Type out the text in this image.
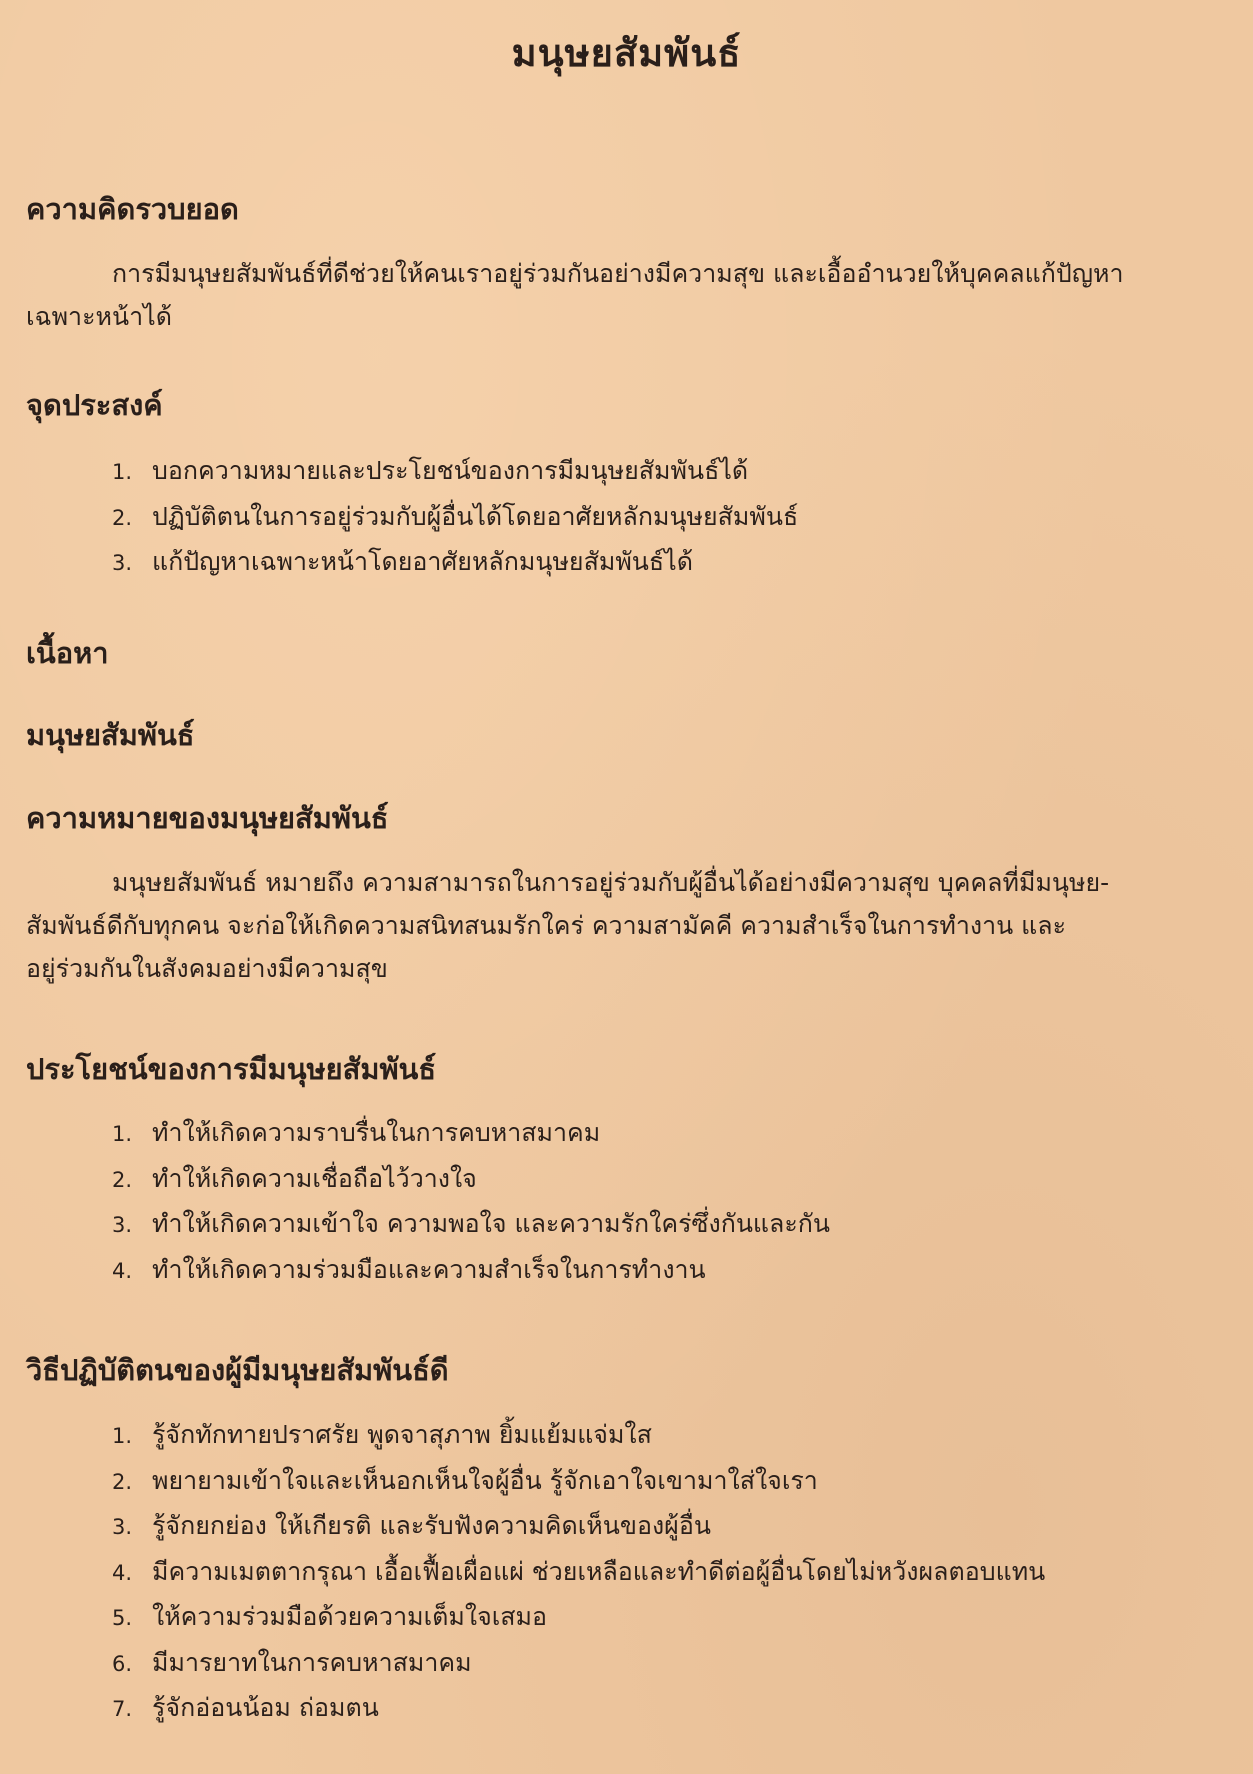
มนุษยสัมพันธ์
ความคิดรวบยอด

การมีมนุษยสัมพันธ์ที่ดีช่วยให้คนเราอยู่ร่วมกันอย่างมีความสุข และเอื้ออำนวยให้บุคคลแก้ปัญหา
เฉพาะหน้าได้

จุดประสงค์
1. บอกความหมายและประโยชน์ของการมีมนุษยสัมพันธ์ได้
2. ปฏิบัติตนในการอยู่ร่วมกับผู้อื่นได้โดยอาศัยหลักมนุษยสัมพันธ์
3. แก้ปัญหาเฉพาะหน้าโดยอาศัยหลักมนุษยสัมพันธ์ได้
เนื้อหา
มนุษยสัมพันธ์
ความหมายของมนุษยสัมพันธ์

มนุษยสัมพันธ์ หมายถึง ความสามารถในการอยู่ร่วมกับผู้อื่นได้อย่างมีความสุข บุคคลที่มีมนุษย-
สัมพันธ์ดีกับทุกคน จะก่อให้เกิดความสนิทสนมรักใคร่ ความสามัคคี ความสำเร็จในการทำงาน และ
อยู่ร่วมกันในสังคมอย่างมีความสุข

ประโยชน์ของการมีมนุษยสัมพันธ์
1. ทำให้เกิดความราบรื่นในการคบหาสมาคม
2. ทำให้เกิดความเชื่อถือไว้วางใจ
3. ทำให้เกิดความเข้าใจ ความพอใจ และความรักใคร่ซึ่งกันและกัน
4. ทำให้เกิดความร่วมมือและความสำเร็จในการทำงาน
วิธีปฏิบัติตนของผู้มีมนุษยสัมพันธ์ดี
1. รู้จักทักทายปราศรัย พูดจาสุภาพ ยิ้มแย้มแจ่มใส
2. พยายามเข้าใจและเห็นอกเห็นใจผู้อื่น รู้จักเอาใจเขามาใส่ใจเรา
3. รู้จักยกย่อง ให้เกียรติ และรับฟังความคิดเห็นของผู้อื่น
4. มีความเมตตากรุณา เอื้อเฟื้อเผื่อแผ่ ช่วยเหลือและทำดีต่อผู้อื่นโดยไม่หวังผลตอบแทน
5. ให้ความร่วมมือด้วยความเต็มใจเสมอ
6. มีมารยาทในการคบหาสมาคม
7. รู้จักอ่อนน้อม ถ่อมตน
